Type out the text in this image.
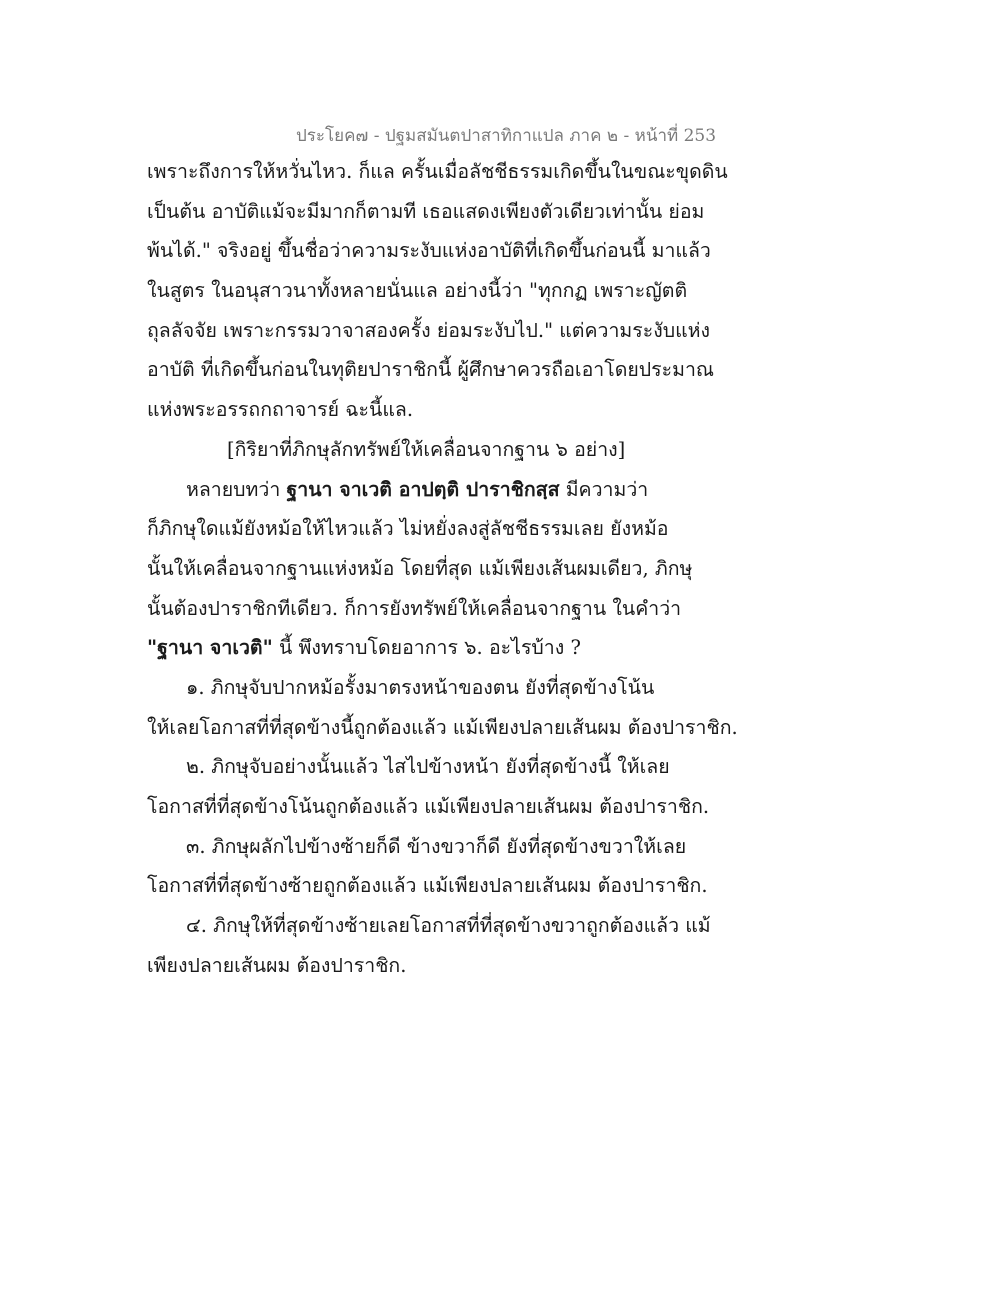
ประโยค๗ - ปฐมสมันตปาสาทิกาแปล ภาค ๒ - หน้าที่ 253
เพราะถึงการให้หวั่นไหว. ก็แล ครั้นเมื่อลัชชีธรรมเกิดขึ้นในขณะขุดดิน
เป็นต้น อาบัติแม้จะมีมากก็ตามที เธอแสดงเพียงตัวเดียวเท่านั้น ย่อม
พ้นได้." จริงอยู่ ขึ้นชื่อว่าความระงับแห่งอาบัติที่เกิดขึ้นก่อนนี้ มาแล้ว
ในสูตร ในอนุสาวนาทั้งหลายนั่นแล อย่างนี้ว่า "ทุกกฏ เพราะญัตติ
ถุลลัจจัย เพราะกรรมวาจาสองครั้ง ย่อมระงับไป." แต่ความระงับแห่ง
อาบัติ ที่เกิดขึ้นก่อนในทุติยปาราชิกนี้ ผู้ศึกษาควรถือเอาโดยประมาณ
แห่งพระอรรถกถาจารย์ ฉะนี้แล.
[กิริยาที่ภิกษุลักทรัพย์ให้เคลื่อนจากฐาน ๖ อย่าง]
หลายบทว่า ฐานา จาเวติ อาปตฺติ ปาราชิกสฺส มีความว่า
ก็ภิกษุใดแม้ยังหม้อให้ไหวแล้ว ไม่หยั่งลงสู่ลัชชีธรรมเลย ยังหม้อ
นั้นให้เคลื่อนจากฐานแห่งหม้อ โดยที่สุด แม้เพียงเส้นผมเดียว, ภิกษุ
นั้นต้องปาราชิกทีเดียว. ก็การยังทรัพย์ให้เคลื่อนจากฐาน ในคำว่า
"ฐานา จาเวติ" นี้ พึงทราบโดยอาการ ๖. อะไรบ้าง ?
๑. ภิกษุจับปากหม้อรั้งมาตรงหน้าของตน ยังที่สุดข้างโน้น
ให้เลยโอกาสที่ที่สุดข้างนี้ถูกต้องแล้ว แม้เพียงปลายเส้นผม ต้องปาราชิก.
๒. ภิกษุจับอย่างนั้นแล้ว ไสไปข้างหน้า ยังที่สุดข้างนี้ ให้เลย
โอกาสที่ที่สุดข้างโน้นถูกต้องแล้ว แม้เพียงปลายเส้นผม ต้องปาราชิก.
๓. ภิกษุผลักไปข้างซ้ายก็ดี ข้างขวาก็ดี ยังที่สุดข้างขวาให้เลย
โอกาสที่ที่สุดข้างซ้ายถูกต้องแล้ว แม้เพียงปลายเส้นผม ต้องปาราชิก.
๔. ภิกษุให้ที่สุดข้างซ้ายเลยโอกาสที่ที่สุดข้างขวาถูกต้องแล้ว แม้
เพียงปลายเส้นผม ต้องปาราชิก.
